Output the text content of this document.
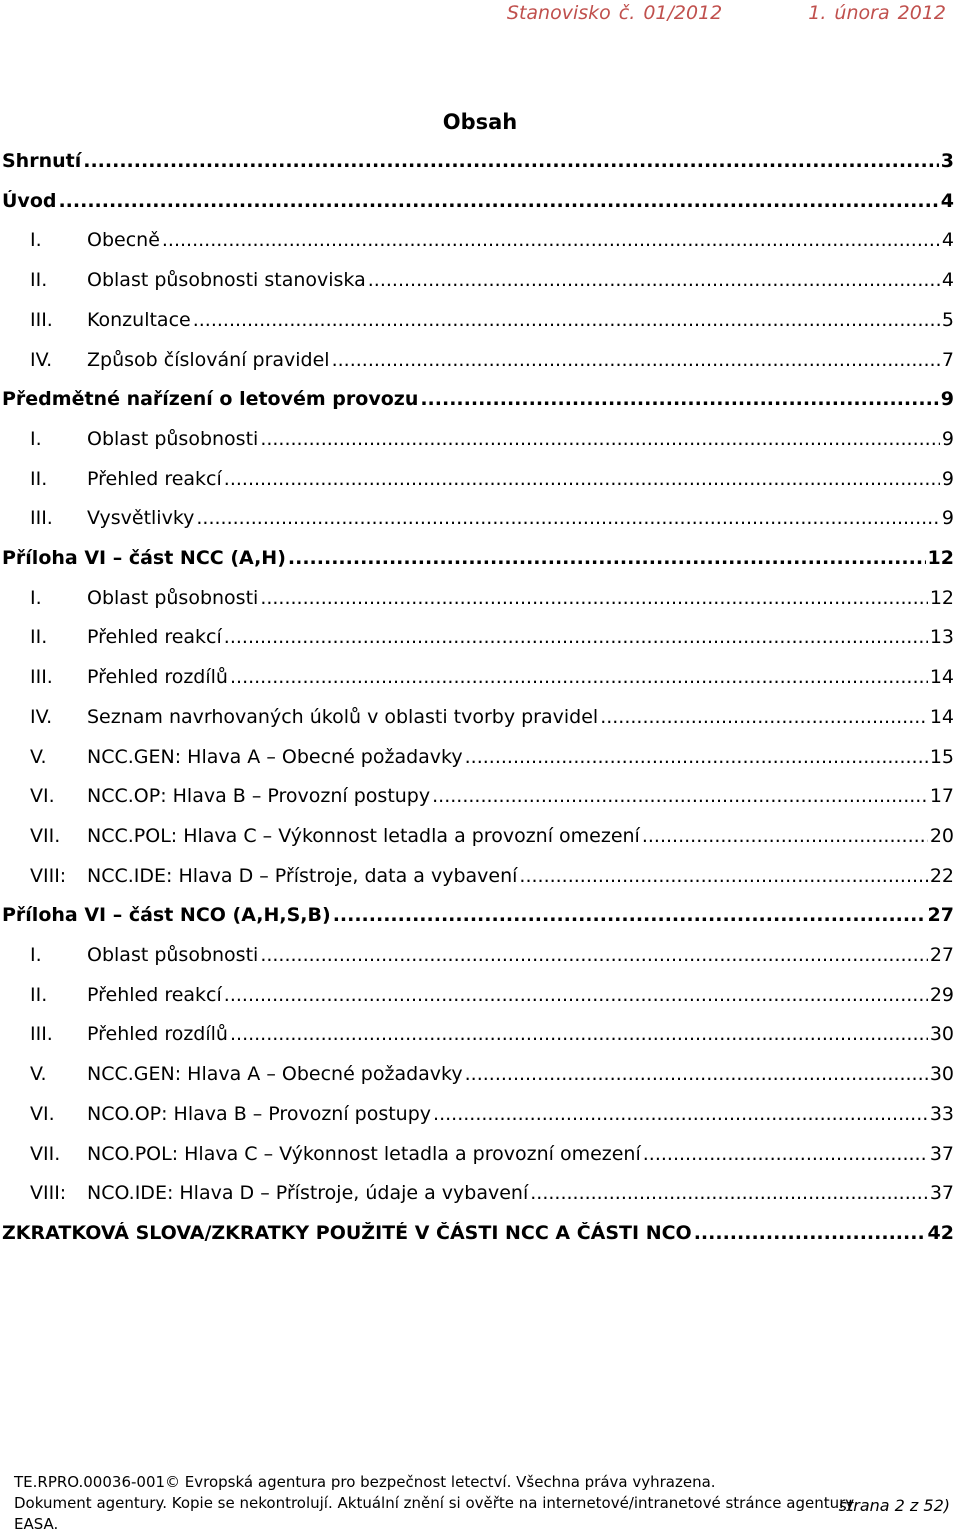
Stanovisko č. 01/2012	1. února 2012
Obsah
Shrnutí .....	3
Úvod .....	4
I.	Obecně .....	4
II.	Oblast působnosti stanoviska .....	4
III.	Konzultace .....	5
IV.	Způsob číslování pravidel .....	7
Předmětné nařízení o letovém provozu .....	9
I.	Oblast působnosti .....	9
II.	Přehled reakcí .....	9
III.	Vysvětlivky .....	9
Příloha VI – část NCC (A,H) .....	12
I.	Oblast působnosti .....	12
II.	Přehled reakcí .....	13
III.	Přehled rozdílů .....	14
IV.	Seznam navrhovaných úkolů v oblasti tvorby pravidel .....	14
V.	NCC.GEN: Hlava A – Obecné požadavky .....	15
VI.	NCC.OP: Hlava B – Provozní postupy .....	17
VII.	NCC.POL: Hlava C – Výkonnost letadla a provozní omezení .....	20
VIII:	NCC.IDE: Hlava D – Přístroje, data a vybavení .....	22
Příloha VI – část NCO (A,H,S,B) .....	27
I.	Oblast působnosti .....	27
II.	Přehled reakcí .....	29
III.	Přehled rozdílů .....	30
V.	NCC.GEN: Hlava A – Obecné požadavky .....	30
VI.	NCO.OP: Hlava B – Provozní postupy .....	33
VII.	NCO.POL: Hlava C – Výkonnost letadla a provozní omezení .....	37
VIII:	NCO.IDE: Hlava D – Přístroje, údaje a vybavení .....	37
ZKRATKOVÁ SLOVA/ZKRATKY POUŽITÉ V ČÁSTI NCC A ČÁSTI NCO .....	42
TE.RPRO.00036-001© Evropská agentura pro bezpečnost letectví. Všechna práva vyhrazena.
Dokument agentury. Kopie se nekontrolují. Aktuální znění si ověřte na internetové/intranetové stránce agentury
EASA.
strana 2 z 52)
